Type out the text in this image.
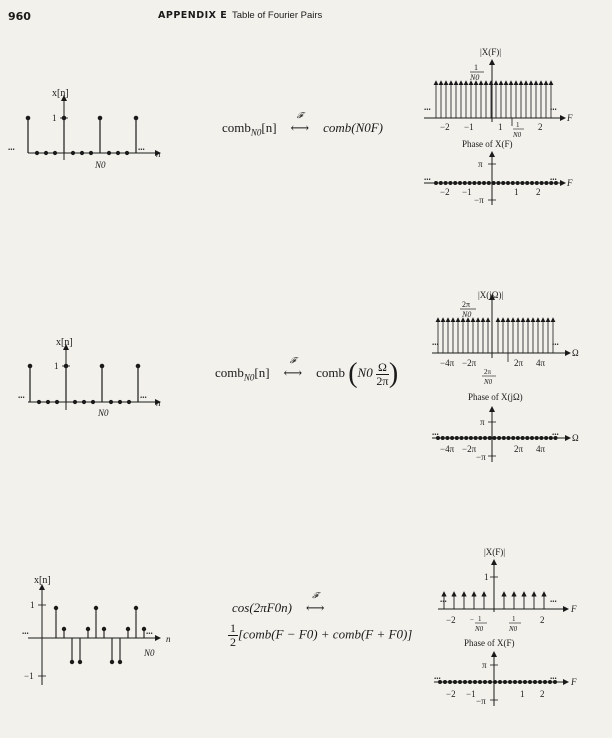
960	APPENDIX E Table of Fourier Pairs
comb$_{N0}$[n]
𝓕
⟷ comb(N0F)
comb$_{N0}$[n]
𝓕
⟷ comb ($N0 \frac{\Omega}{2\pi}$ )
cos(2πF0n)
𝓕
⟷
$\frac{1}{2}$ [comb(F − F0) + comb(F + F0)]
x[n]
1
...	...
n
N0
|X(F)|
1
N0
...	...
−2 −1	1	2
1
N0
F
Phase of X(F)
π
−π
...	...
−2 −1	1 2
F
x[n]
1
...	...
n
N0
|X(jΩ)|
2π
N0
...	...
−4π −2π	2π 4π
2π
N0
Ω
Phase of X(jΩ)
π
−π
...	...
−4π −2π	2π 4π
Ω
x[n]
1
−1
...	...
n
N0
|X(F)|
1
...	...
−2	2
− 1
N0
1
N0
F
Phase of X(F)
π
−π
...	...
−2 −1	1 2
F
